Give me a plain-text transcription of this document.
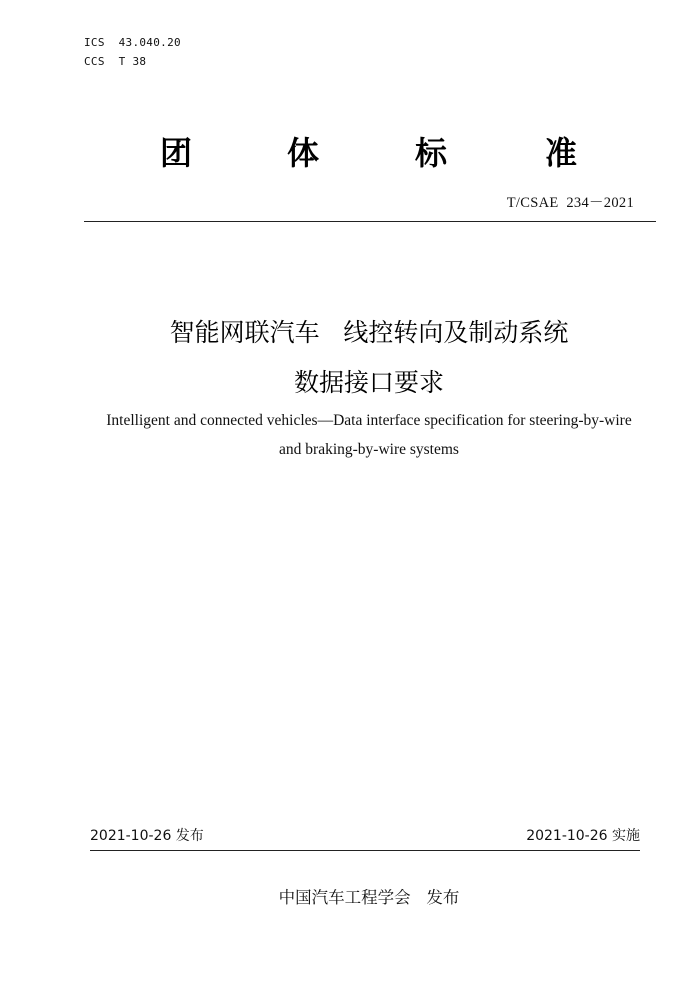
ICS  43.040.20
CCS  T 38
团	体	标	准
T/CSAE  234－2021
智能网联汽车   线控转向及制动系统
数据接口要求
Intelligent and connected vehicles—Data interface specification for steering-by-wire
and braking-by-wire systems
2021-10-26 发布	2021-10-26 实施
中国汽车工程学会   发布
